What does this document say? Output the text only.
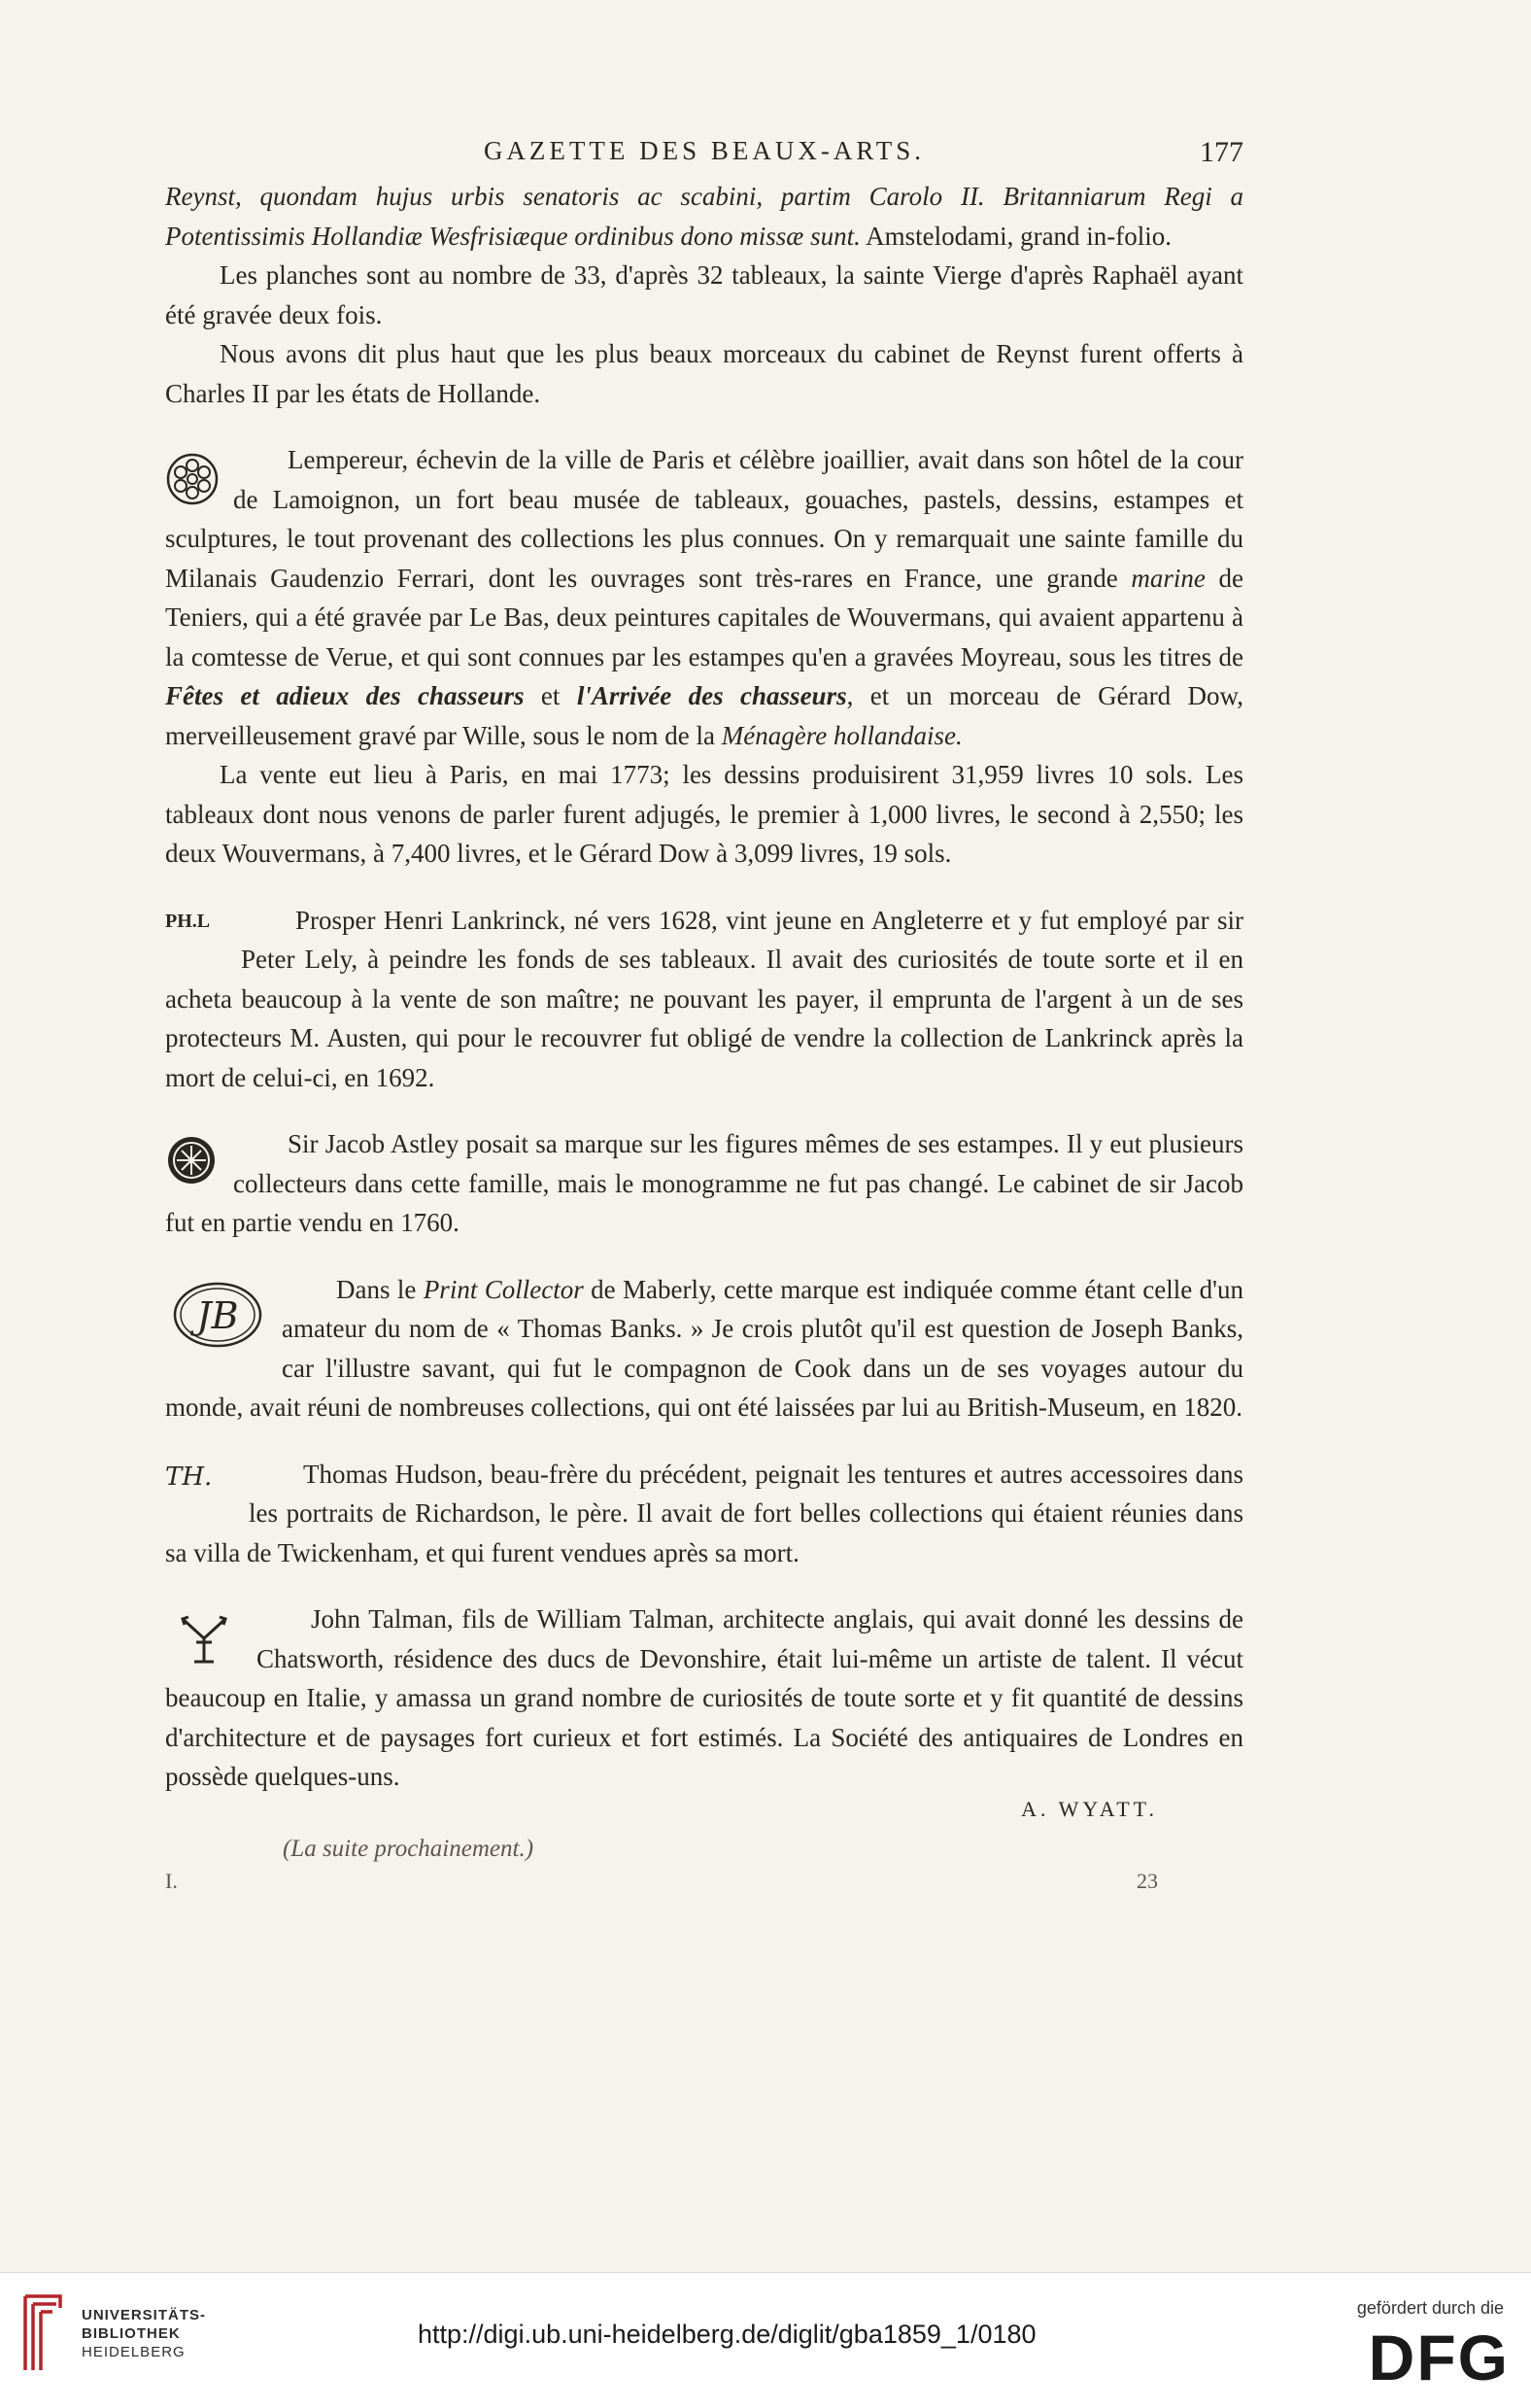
GAZETTE DES BEAUX-ARTS.	177

Reynst, quondam hujus urbis senatoris ac scabini, partim Carolo II. Britanniarum Regi a Potentissimis Hollandiæ Wesfrisiæque ordinibus dono missæ sunt. Amstelodami, grand in-folio.

Les planches sont au nombre de 33, d'après 32 tableaux, la sainte Vierge d'après Raphaël ayant été gravée deux fois.

Nous avons dit plus haut que les plus beaux morceaux du cabinet de Reynst furent offerts à Charles II par les états de Hollande.

Lempereur, échevin de la ville de Paris et célèbre joaillier, avait dans son hôtel de la cour de Lamoignon, un fort beau musée de tableaux, gouaches, pastels, dessins, estampes et sculptures, le tout provenant des collections les plus connues. On y remarquait une sainte famille du Milanais Gaudenzio Ferrari, dont les ouvrages sont très-rares en France, une grande marine de Teniers, qui a été gravée par Le Bas, deux peintures capitales de Wouvermans, qui avaient appartenu à la comtesse de Verue, et qui sont connues par les estampes qu'en a gravées Moyreau, sous les titres de Fêtes et adieux des chasseurs et l'Arrivée des chasseurs, et un morceau de Gérard Dow, merveilleusement gravé par Wille, sous le nom de la Ménagère hollandaise.

La vente eut lieu à Paris, en mai 1773; les dessins produisirent 31,959 livres 10 sols. Les tableaux dont nous venons de parler furent adjugés, le premier à 1,000 livres, le second à 2,550; les deux Wouvermans, à 7,400 livres, et le Gérard Dow à 3,099 livres, 19 sols.

PH.L	Prosper Henri Lankrinck, né vers 1628, vint jeune en Angleterre et y fut employé par sir Peter Lely, à peindre les fonds de ses tableaux. Il avait des curiosités de toute sorte et il en acheta beaucoup à la vente de son maître; ne pouvant les payer, il emprunta de l'argent à un de ses protecteurs M. Austen, qui pour le recouvrer fut obligé de vendre la collection de Lankrinck après la mort de celui-ci, en 1692.

Sir Jacob Astley posait sa marque sur les figures mêmes de ses estampes. Il y eut plusieurs collecteurs dans cette famille, mais le monogramme ne fut pas changé. Le cabinet de sir Jacob fut en partie vendu en 1760.

JB

Dans le Print Collector de Maberly, cette marque est indiquée comme étant celle d'un amateur du nom de « Thomas Banks. » Je crois plutôt qu'il est question de Joseph Banks, car l'illustre savant, qui fut le compagnon de Cook dans un de ses voyages autour du monde, avait réuni de nombreuses collections, qui ont été laissées par lui au British-Museum, en 1820.

TH.	Thomas Hudson, beau-frère du précédent, peignait les tentures et autres accessoires dans les portraits de Richardson, le père. Il avait de fort belles collections qui étaient réunies dans sa villa de Twickenham, et qui furent vendues après sa mort.

John Talman, fils de William Talman, architecte anglais, qui avait donné les dessins de Chatsworth, résidence des ducs de Devonshire, était lui-même un artiste de talent. Il vécut beaucoup en Italie, y amassa un grand nombre de curiosités de toute sorte et y fit quantité de dessins d'architecture et de paysages fort curieux et fort estimés. La Société des antiquaires de Londres en possède quelques-uns.

A. WYATT.
(La suite prochainement.)
I.	23
UNIVERSITÄTS-
BIBLIOTHEK
HEIDELBERG
http://digi.ub.uni-heidelberg.de/diglit/gba1859_1/0180
gefördert durch die
DFG
